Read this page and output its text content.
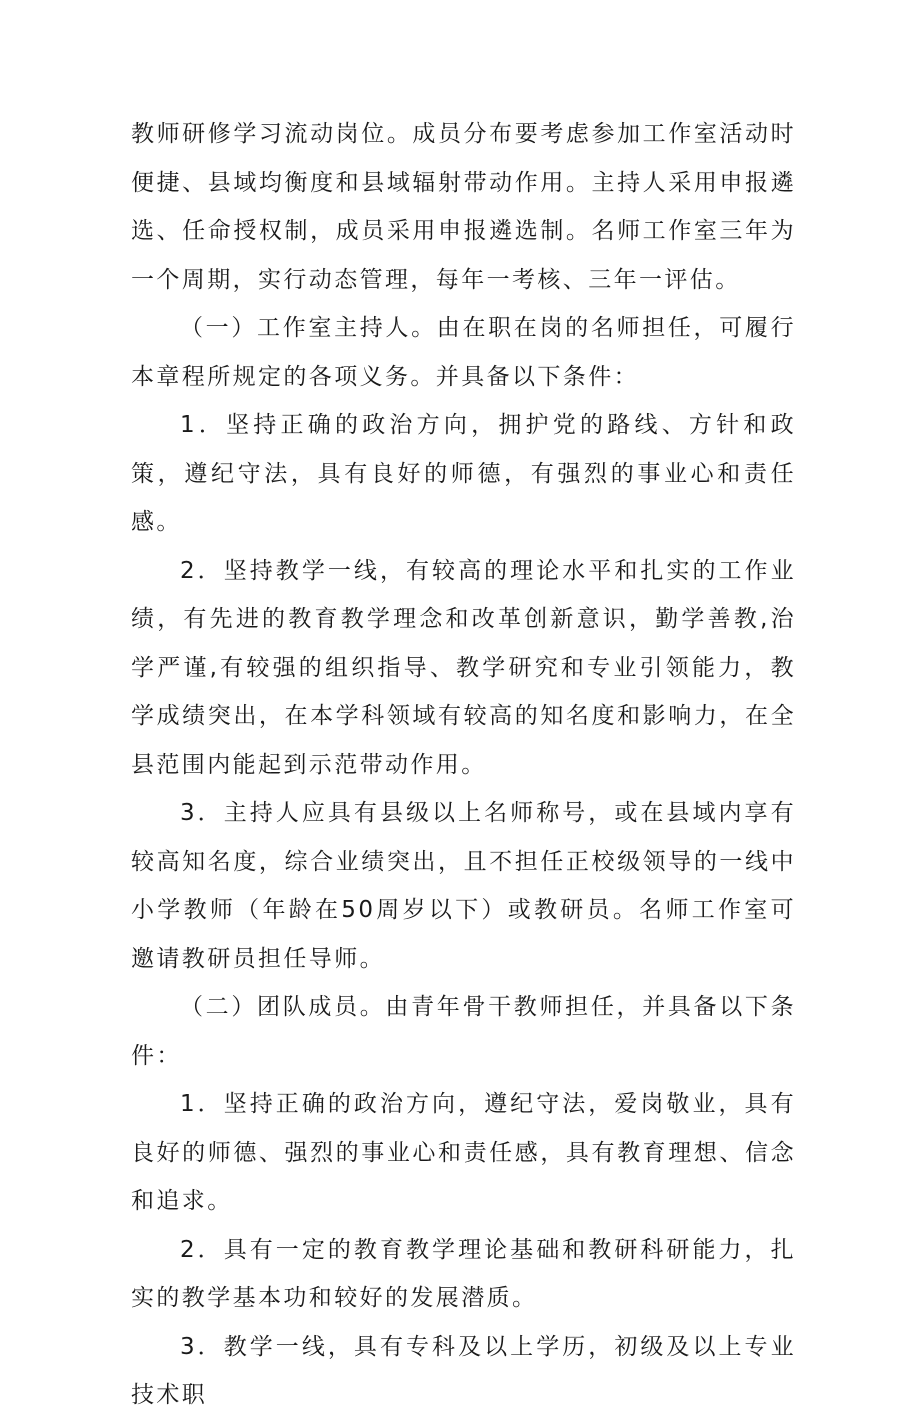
教师研修学习流动岗位。成员分布要考虑参加工作室活动时便捷、县域均衡度和县域辐射带动作用。主持人采用申报遴选、任命授权制，成员采用申报遴选制。名师工作室三年为一个周期，实行动态管理，每年一考核、三年一评估。

（一）工作室主持人。由在职在岗的名师担任，可履行本章程所规定的各项义务。并具备以下条件：

1．坚持正确的政治方向，拥护党的路线、方针和政策，遵纪守法，具有良好的师德，有强烈的事业心和责任感。

2．坚持教学一线，有较高的理论水平和扎实的工作业绩，有先进的教育教学理念和改革创新意识，勤学善教,治学严谨,有较强的组织指导、教学研究和专业引领能力，教学成绩突出，在本学科领域有较高的知名度和影响力，在全县范围内能起到示范带动作用。

3．主持人应具有县级以上名师称号，或在县域内享有较高知名度，综合业绩突出，且不担任正校级领导的一线中小学教师（年龄在50周岁以下）或教研员。名师工作室可邀请教研员担任导师。

（二）团队成员。由青年骨干教师担任，并具备以下条件：

1．坚持正确的政治方向，遵纪守法，爱岗敬业，具有良好的师德、强烈的事业心和责任感，具有教育理想、信念和追求。

2．具有一定的教育教学理论基础和教研科研能力，扎实的教学基本功和较好的发展潜质。

3．教学一线，具有专科及以上学历，初级及以上专业技术职
